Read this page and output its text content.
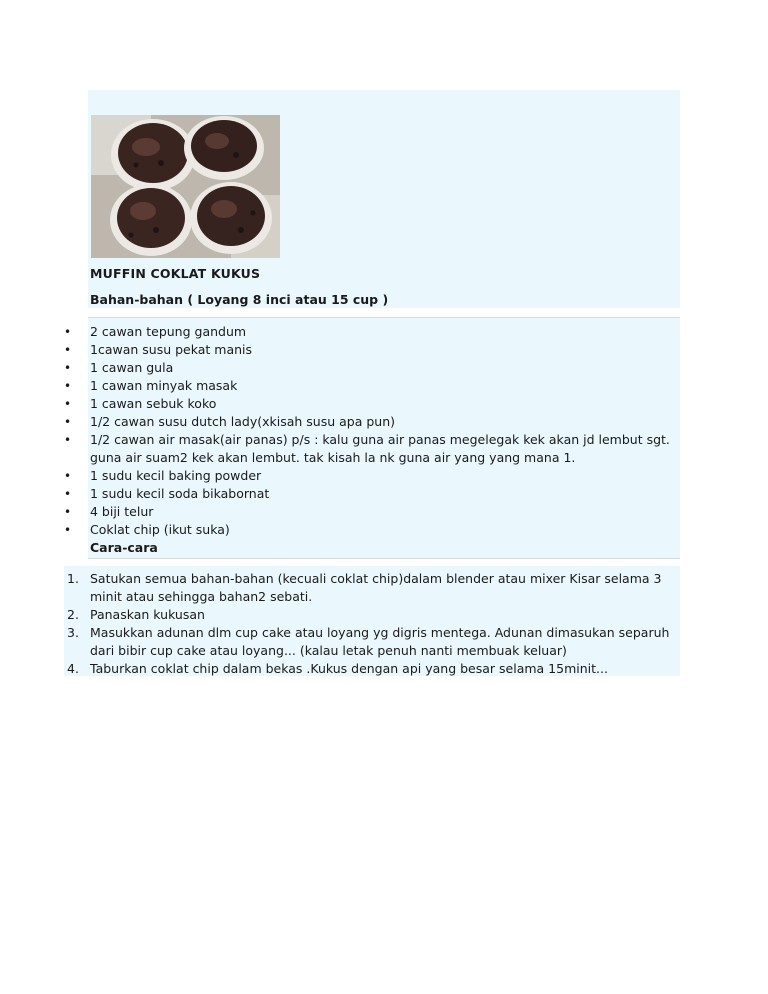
MUFFIN COKLAT KUKUS
Bahan-bahan ( Loyang 8 inci atau 15 cup )
• 2 cawan tepung gandum
• 1cawan susu pekat manis
• 1 cawan gula
• 1 cawan minyak masak
• 1 cawan sebuk koko
• 1/2 cawan susu dutch lady(xkisah susu apa pun)
• 1/2 cawan air masak(air panas) p/s : kalu guna air panas megelegak kek akan jd lembut sgt. guna air suam2 kek akan lembut. tak kisah la nk guna air yang yang mana 1.
• 1 sudu kecil baking powder
• 1 sudu kecil soda bikabornat
• 4 biji telur
• Coklat chip (ikut suka)
Cara-cara
1. Satukan semua bahan-bahan (kecuali coklat chip)dalam blender atau mixer Kisar selama 3 minit atau sehingga bahan2 sebati.
2. Panaskan kukusan
3. Masukkan adunan dlm cup cake atau loyang yg digris mentega. Adunan dimasukan separuh dari bibir cup cake atau loyang... (kalau letak penuh nanti membuak keluar)
4. Taburkan coklat chip dalam bekas .Kukus dengan api yang besar selama 15minit...
